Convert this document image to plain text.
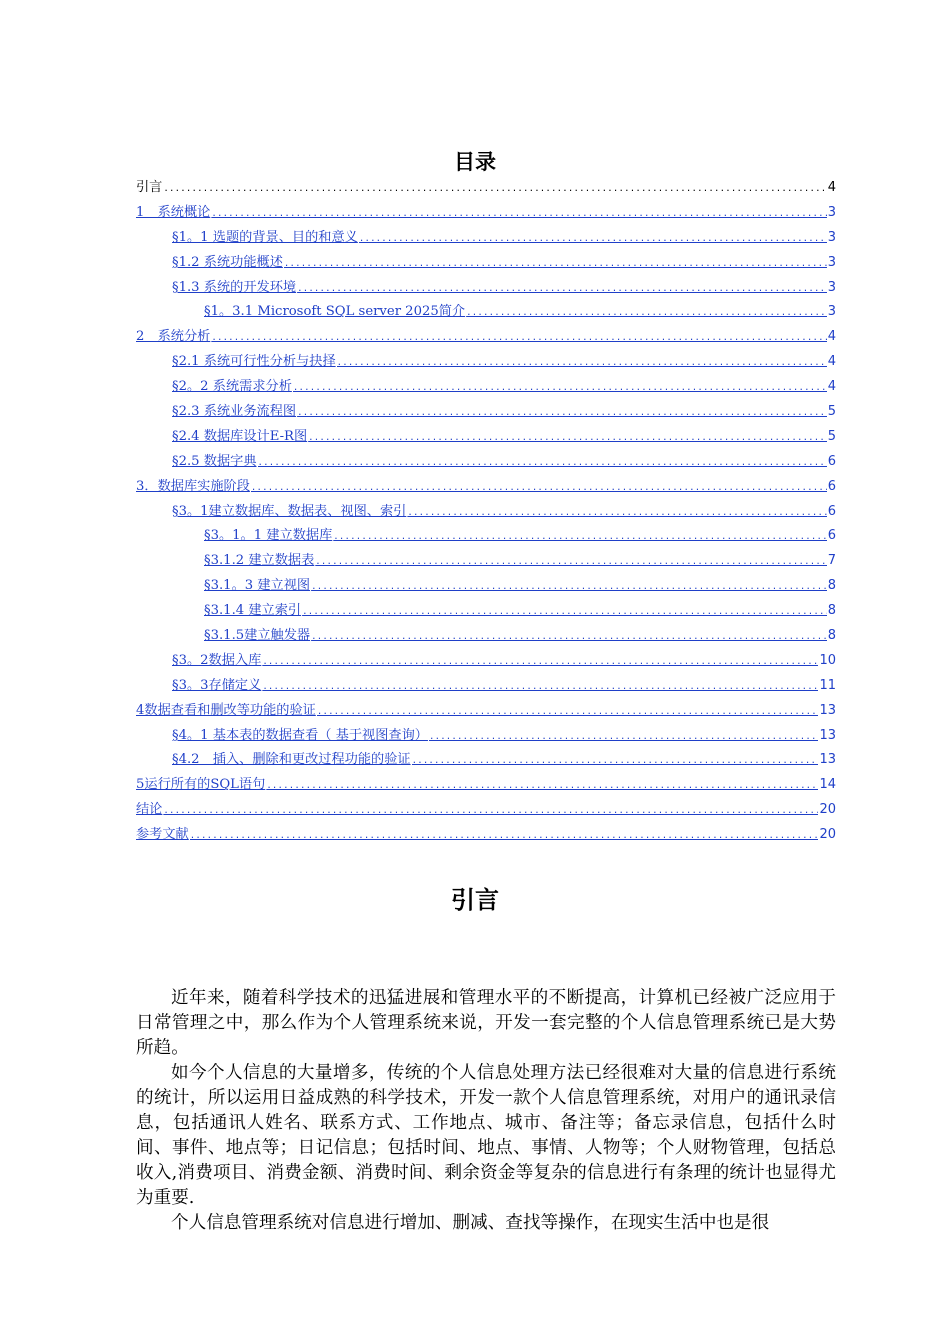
目录
引言 .....	4
1　系统概论 .....	3
§1。1 选题的背景、目的和意义 .....	3
§1.2 系统功能概述 .....	3
§1.3 系统的开发环境 .....	3
§1。3.1 Microsoft SQL server 2025简介 .....	3
2　系统分析 .....	4
§2.1 系统可行性分析与抉择 .....	4
§2。2 系统需求分析 .....	4
§2.3 系统业务流程图 .....	5
§2.4 数据库设计E-R图 .....	5
§2.5 数据字典 .....	6
3．数据库实施阶段 .....	6
§3。1建立数据库、数据表、视图、索引 .....	6
§3。1。1 建立数据库 .....	6
§3.1.2 建立数据表 .....	7
§3.1。3 建立视图 .....	8
§3.1.4 建立索引 .....	8
§3.1.5建立触发器 .....	8
§3。2数据入库 .....	10
§3。3存储定义 .....	11
4数据查看和删改等功能的验证 .....	13
§4。1 基本表的数据查看（ 基于视图查询） .....	13
§4.2　插入、删除和更改过程功能的验证 .....	13
5运行所有的SQL语句 .....	14
结论 .....	20
参考文献 .....	20
引言

近年来，随着科学技术的迅猛进展和管理水平的不断提高，计算机已经被广泛应用于日常管理之中，那么作为个人管理系统来说，开发一套完整的个人信息管理系统已是大势所趋。

如今个人信息的大量增多，传统的个人信息处理方法已经很难对大量的信息进行系统的统计，所以运用日益成熟的科学技术，开发一款个人信息管理系统，对用户的通讯录信息，包括通讯人姓名、联系方式、工作地点、城市、备注等；备忘录信息，包括什么时间、事件、地点等；日记信息；包括时间、地点、事情、人物等；个人财物管理，包括总收入,消费项目、消费金额、消费时间、剩余资金等复杂的信息进行有条理的统计也显得尤为重要.

个人信息管理系统对信息进行增加、删减、查找等操作，在现实生活中也是很
